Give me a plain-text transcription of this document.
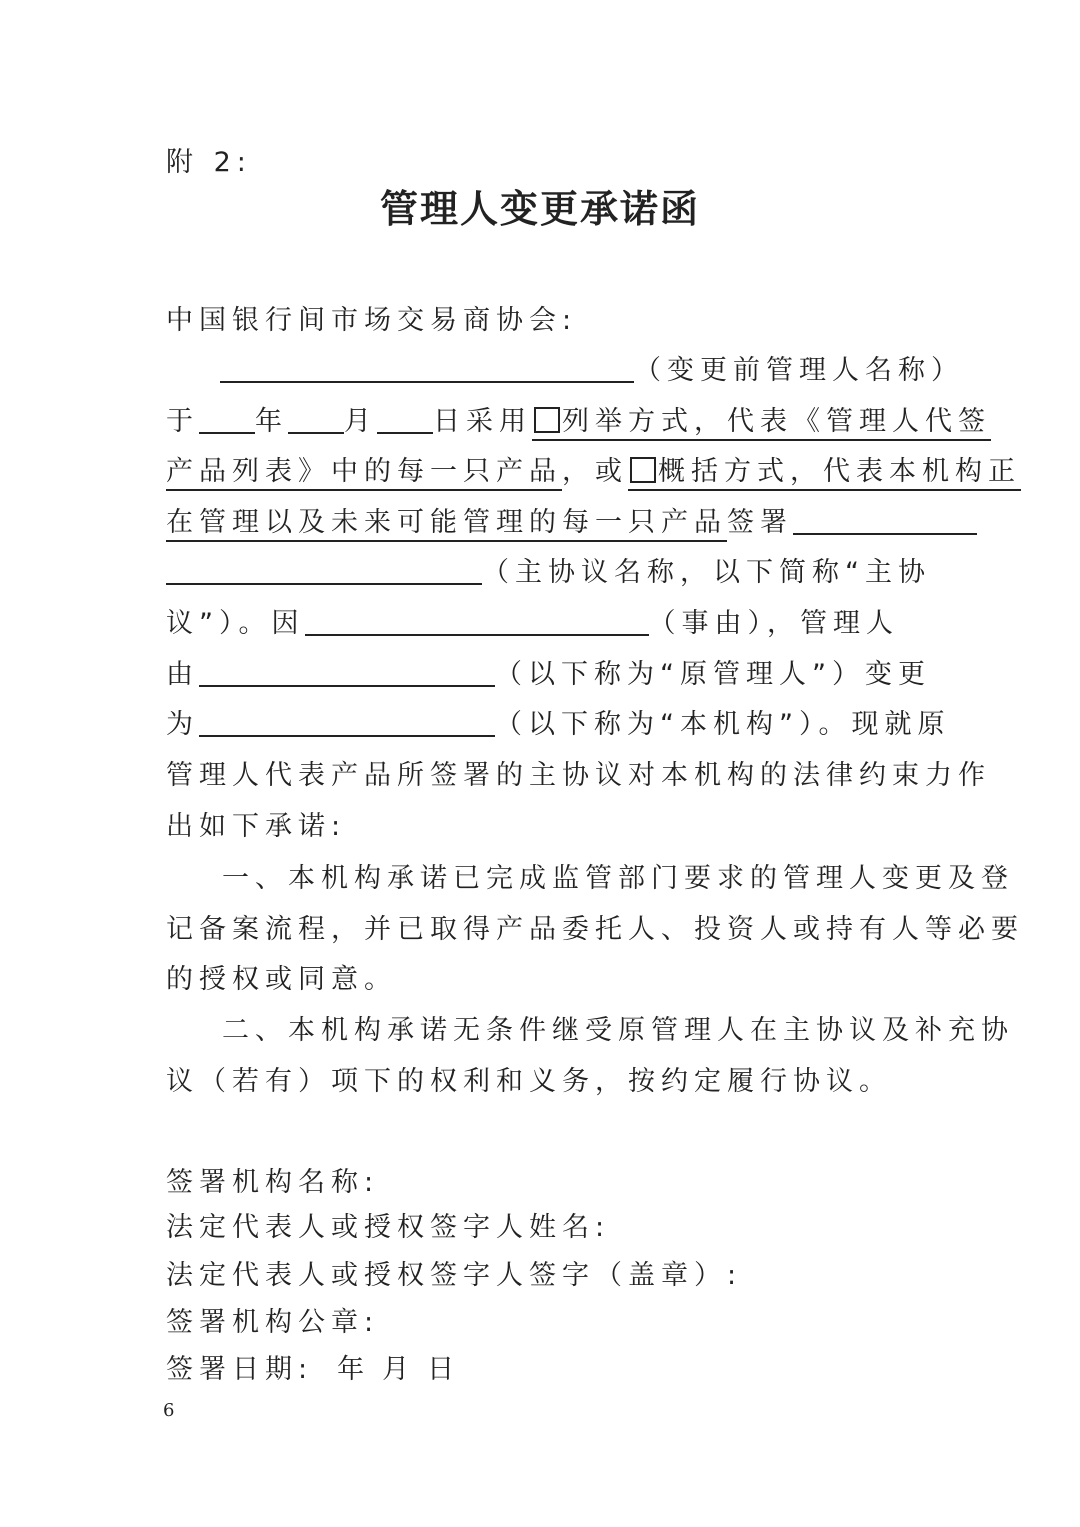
附 2:
管理人变更承诺函
中国银行间市场交易商协会:
（变更前管理人名称）
于 年 月 日采用 列举方式，代表《管理人代签
产品列表》中的每一只产品，或 概括方式，代表本机构正
在管理以及未来可能管理的每一只产品签署
（主协议名称，以下简称“主协
议”）。因	（事由），管理人
由	（以下称为“原管理人”）变更
为	（以下称为“本机构”）。现就原
管理人代表产品所签署的主协议对本机构的法律约束力作
出如下承诺:
一、本机构承诺已完成监管部门要求的管理人变更及登
记备案流程，并已取得产品委托人、投资人或持有人等必要
的授权或同意。
二、本机构承诺无条件继受原管理人在主协议及补充协
议（若有）项下的权利和义务，按约定履行协议。
签署机构名称:
法定代表人或授权签字人姓名:
法定代表人或授权签字人签字（盖章）:
签署机构公章:
签署日期: 年 月 日
6
